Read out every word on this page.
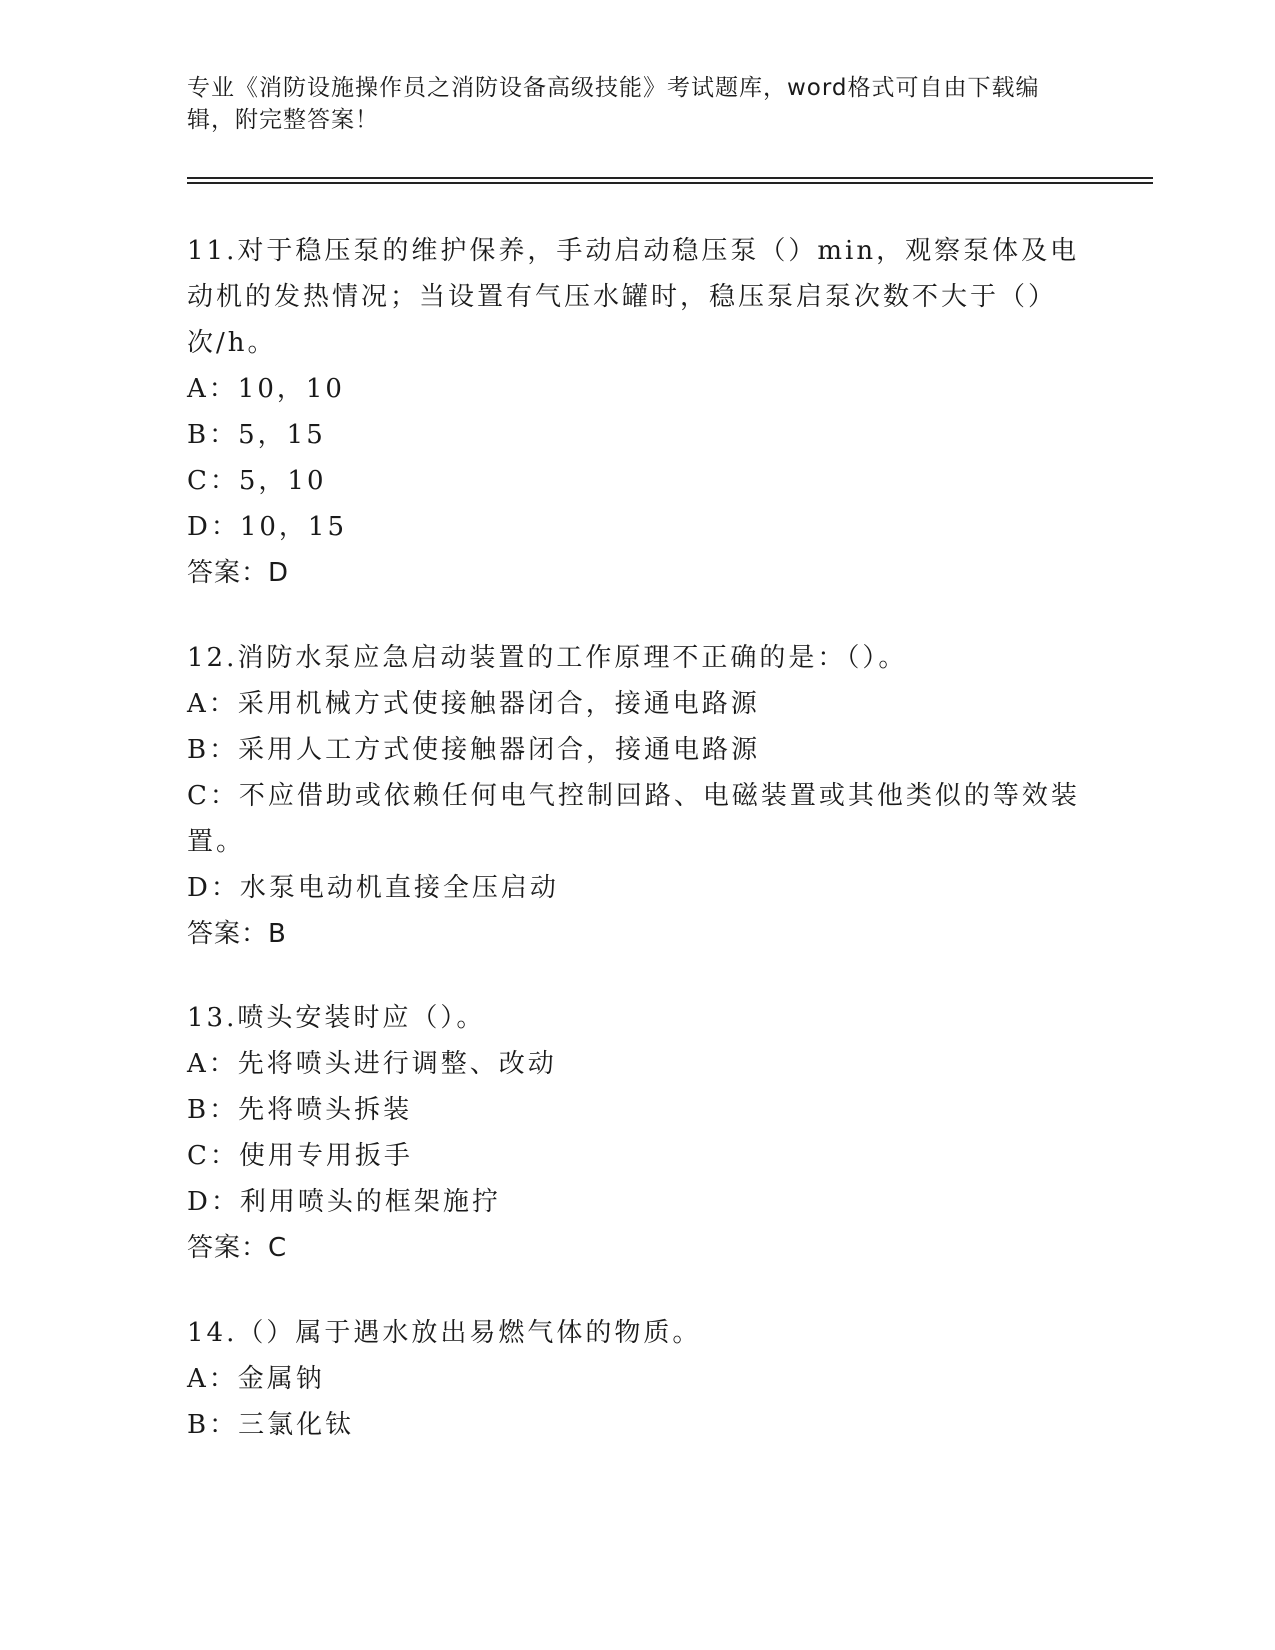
专业《消防设施操作员之消防设备高级技能》考试题库，word格式可自由下载编辑，附完整答案！

11.对于稳压泵的维护保养，手动启动稳压泵（）min，观察泵体及电动机的发热情况；当设置有气压水罐时，稳压泵启泵次数不大于（）次/h。

A：10，10

B：5，15

C：5，10

D：10，15

答案：D

12.消防水泵应急启动装置的工作原理不正确的是：（）。

A：采用机械方式使接触器闭合，接通电路源

B：采用人工方式使接触器闭合，接通电路源

C：不应借助或依赖任何电气控制回路、电磁装置或其他类似的等效装置。

D：水泵电动机直接全压启动

答案：B

13.喷头安装时应（）。

A：先将喷头进行调整、改动

B：先将喷头拆装

C：使用专用扳手

D：利用喷头的框架施拧

答案：C

14.（）属于遇水放出易燃气体的物质。

A：金属钠

B：三氯化钛
